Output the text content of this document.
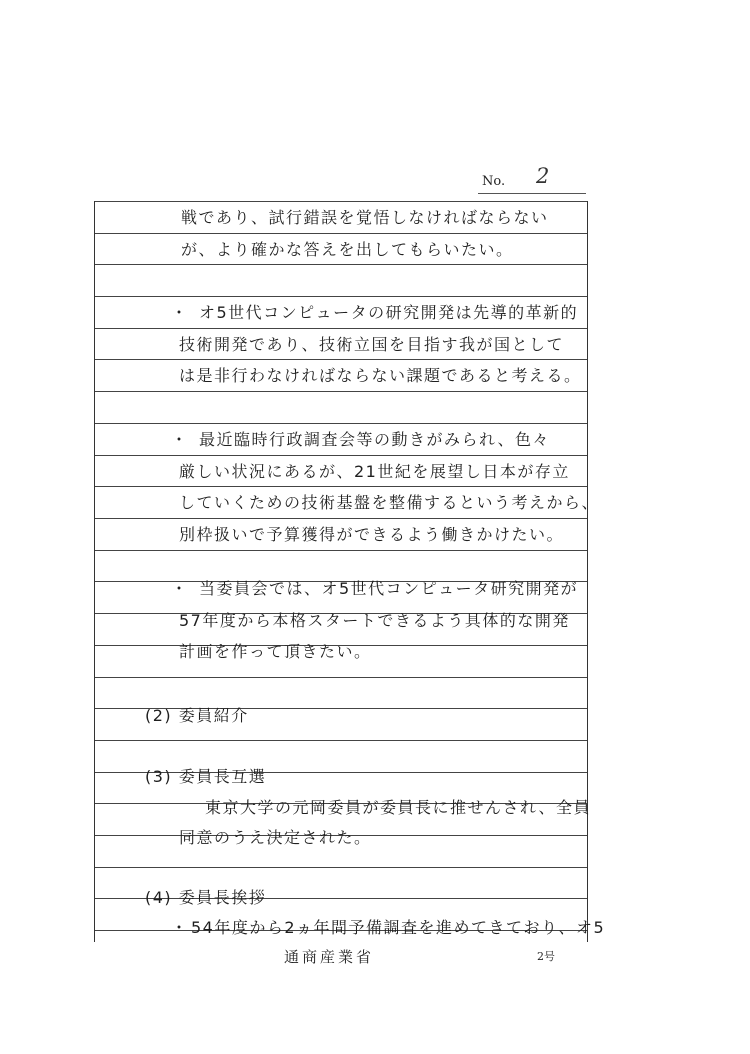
No. 2
戦であり、試行錯誤を覚悟しなければならない
が、より確かな答えを出してもらいたい。
・ オ5世代コンピュータの研究開発は先導的革新的
技術開発であり、技術立国を目指す我が国として
は是非行わなければならない課題であると考える。
・ 最近臨時行政調査会等の動きがみられ、色々
厳しい状況にあるが、21世紀を展望し日本が存立
していくための技術基盤を整備するという考えから、
別枠扱いで予算獲得ができるよう働きかけたい。
・ 当委員会では、オ5世代コンピュータ研究開発が
57年度から本格スタートできるよう具体的な開発
計画を作って頂きたい。
(2) 委員紹介
(3) 委員長互選
東京大学の元岡委員が委員長に推せんされ、全員
同意のうえ決定された。
(4) 委員長挨拶
・ 54年度から2ヵ年間予備調査を進めてきており、オ5
通商産業省	2号
